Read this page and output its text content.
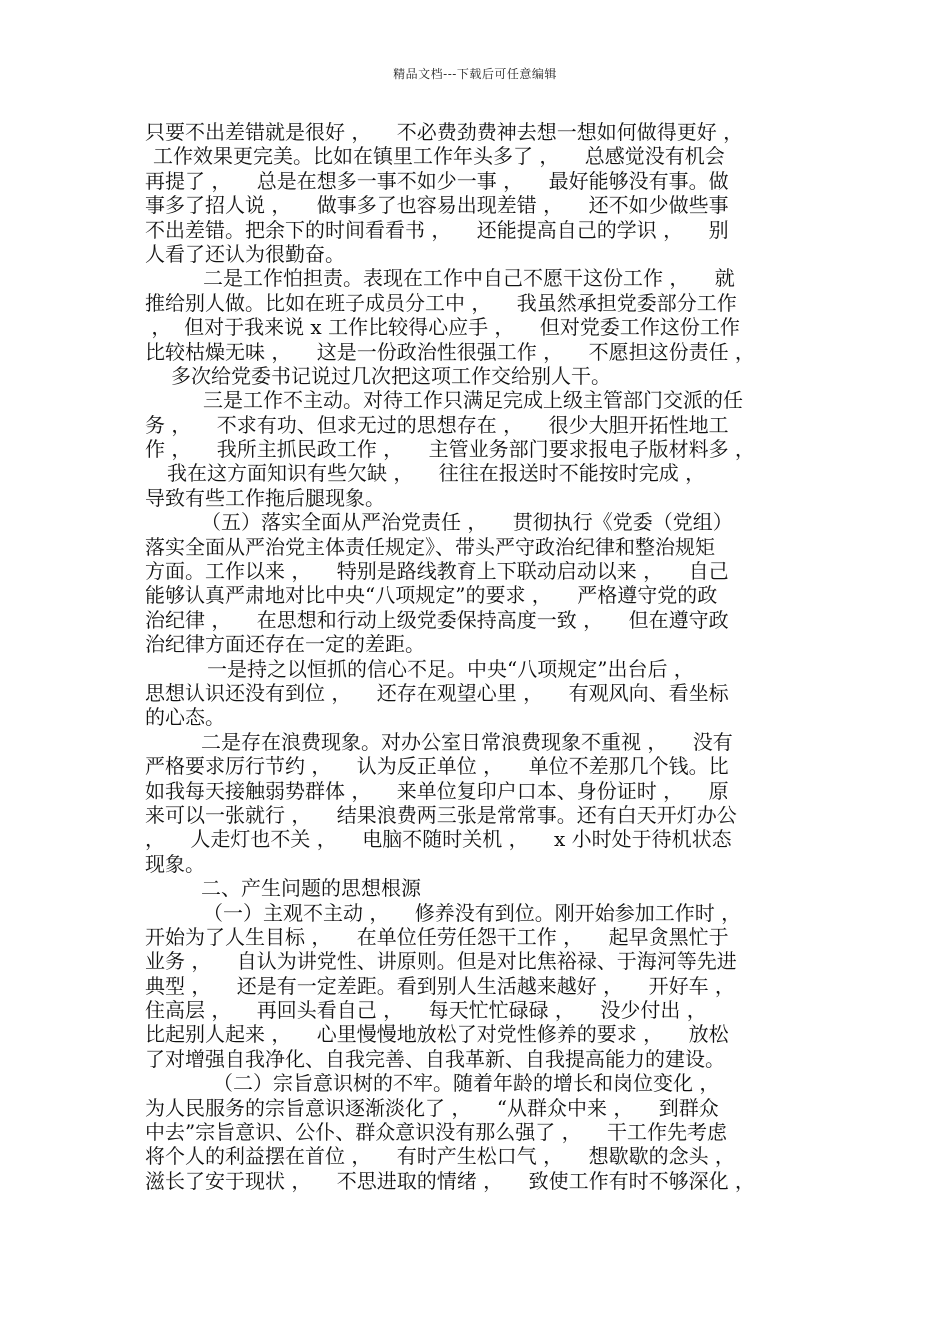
精品文档---下载后可任意编辑
只要不出差错就是很好 ，    不必费劲费神去想一想如何做得更好 ，
工作效果更完美。比如在镇里工作年头多了 ，    总感觉没有机会
再提了 ，    总是在想多一事不如少一事 ，    最好能够没有事。做
事多了招人说 ，    做事多了也容易出现差错 ，    还不如少做些事
不出差错。把余下的时间看看书 ，    还能提高自己的学识 ，    别
人看了还认为很勤奋。
二是工作怕担责。表现在工作中自己不愿干这份工作 ，    就
推给别人做。比如在班子成员分工中 ，    我虽然承担党委部分工作
，  但对于我来说 x 工作比较得心应手 ，    但对党委工作这份工作
比较枯燥无味 ，    这是一份政治性很强工作 ，    不愿担这份责任 ，
多次给党委书记说过几次把这项工作交给别人干。
三是工作不主动。对待工作只满足完成上级主管部门交派的任
务 ，    不求有功、但求无过的思想存在 ，    很少大胆开拓性地工
作 ，    我所主抓民政工作 ，    主管业务部门要求报电子版材料多 ，
我在这方面知识有些欠缺 ，    往往在报送时不能按时完成 ，
导致有些工作拖后腿现象。
（五）落实全面从严治党责任 ，    贯彻执行《党委（党组）
落实全面从严治党主体责任规定》、带头严守政治纪律和整治规矩
方面。工作以来 ，    特别是路线教育上下联动启动以来 ，    自己
能够认真严肃地对比中央“八项规定”的要求 ，    严格遵守党的政
治纪律 ，    在思想和行动上级党委保持高度一致 ，    但在遵守政
治纪律方面还存在一定的差距。
一是持之以恒抓的信心不足。中央“八项规定”出台后 ，
思想认识还没有到位 ，    还存在观望心里 ，    有观风向、看坐标
的心态。
二是存在浪费现象。对办公室日常浪费现象不重视 ，    没有
严格要求厉行节约 ，    认为反正单位 ，    单位不差那几个钱。比
如我每天接触弱势群体 ，    来单位复印户口本、身份证时 ，    原
来可以一张就行 ，    结果浪费两三张是常常事。还有白天开灯办公
，    人走灯也不关 ，    电脑不随时关机 ，    x 小时处于待机状态
现象。
二、产生问题的思想根源
（一）主观不主动 ，    修养没有到位。刚开始参加工作时 ，
开始为了人生目标 ，    在单位任劳任怨干工作 ，    起早贪黑忙于
业务 ，    自认为讲党性、讲原则。但是对比焦裕禄、于海河等先进
典型 ，    还是有一定差距。看到别人生活越来越好 ，    开好车 ，
住高层 ，    再回头看自己 ，    每天忙忙碌碌 ，    没少付出 ，
比起别人起来 ，    心里慢慢地放松了对党性修养的要求 ，    放松
了对增强自我净化、自我完善、自我革新、自我提高能力的建设。
（二）宗旨意识树的不牢。随着年龄的增长和岗位变化 ，
为人民服务的宗旨意识逐渐淡化了 ，    “从群众中来 ，    到群众
中去”宗旨意识、公仆、群众意识没有那么强了 ，    干工作先考虑
将个人的利益摆在首位 ，    有时产生松口气 ，    想歇歇的念头 ，
滋长了安于现状 ，    不思进取的情绪 ，    致使工作有时不够深化 ，
